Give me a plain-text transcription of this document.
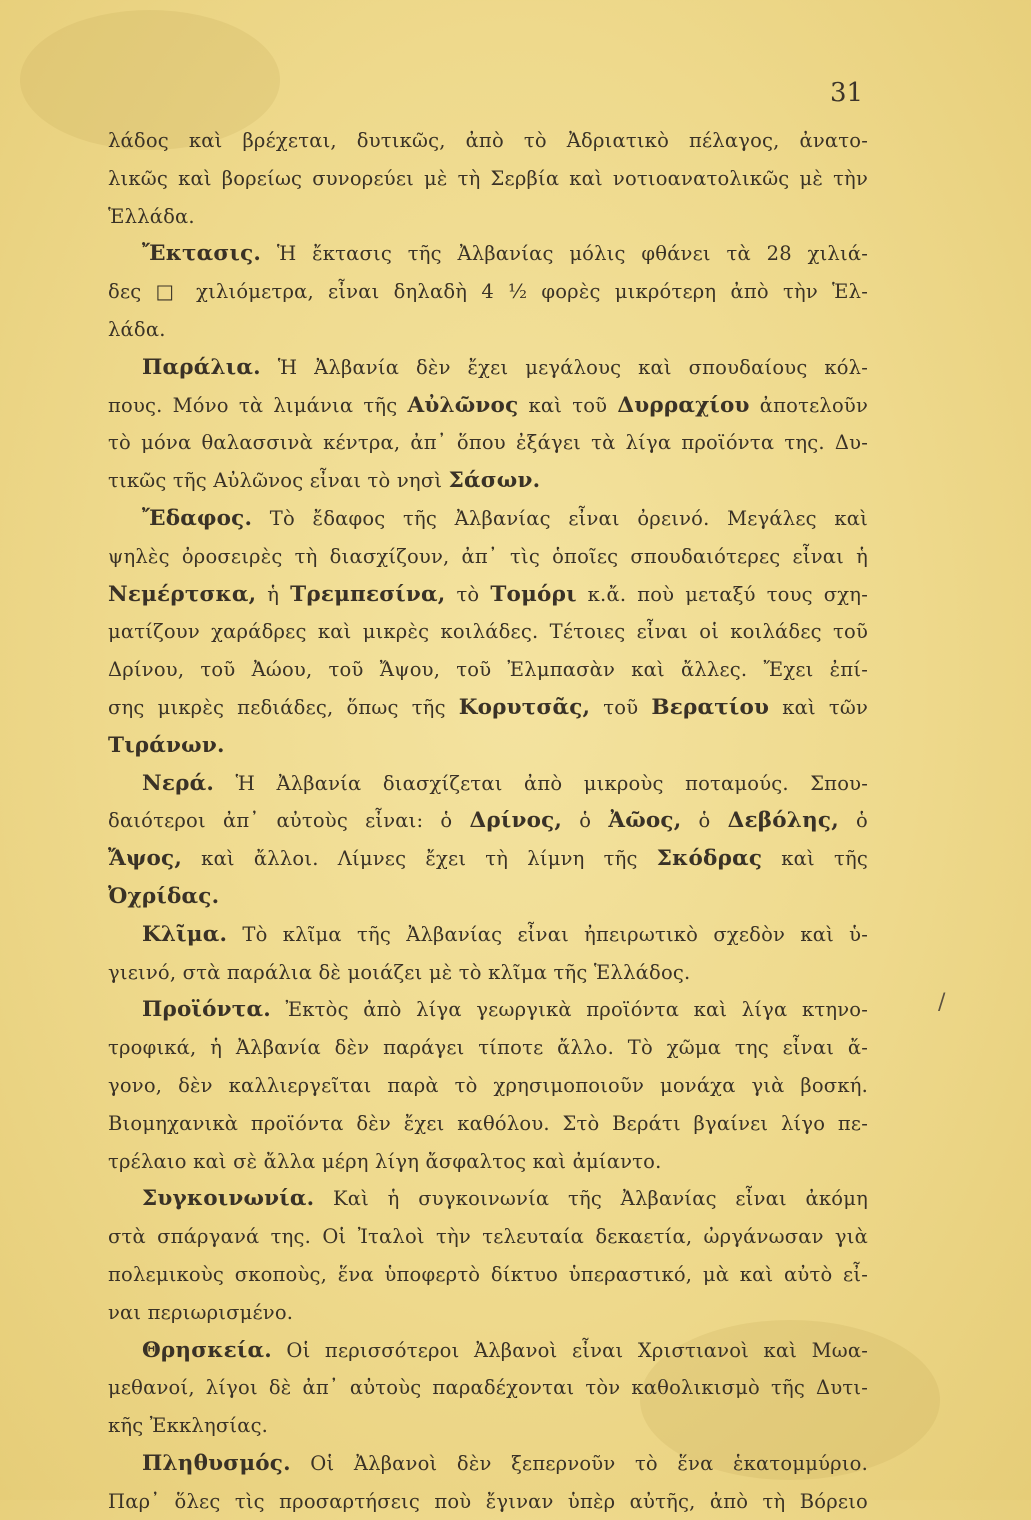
31
λάδος καὶ βρέχεται, δυτικῶς, ἀπὸ τὸ Ἀδριατικὸ πέλαγος, ἀνατο-
λικῶς καὶ βορείως συνορεύει μὲ τὴ Σερβία καὶ νοτιοανατολικῶς μὲ τὴν
Ἑλλάδα.
Ἔκτασις. Ἡ ἔκτασις τῆς Ἀλβανίας μόλις φθάνει τὰ 28 χιλιά-
δες □ χιλιόμετρα, εἶναι δηλαδὴ 4 ½ φορὲς μικρότερη ἀπὸ τὴν Ἑλ-
λάδα.
Παράλια. Ἡ Ἀλβανία δὲν ἔχει μεγάλους καὶ σπουδαίους κόλ-
πους. Μόνο τὰ λιμάνια τῆς Αὐλῶνος καὶ τοῦ Δυρραχίου ἀποτελοῦν
τὸ μόνα θαλασσινὰ κέντρα, ἀπ᾿ ὅπου ἐξάγει τὰ λίγα προϊόντα της. Δυ-
τικῶς τῆς Αὐλῶνος εἶναι τὸ νησὶ Σάσων.
Ἔδαφος. Τὸ ἔδαφος τῆς Ἀλβανίας εἶναι ὀρεινό. Μεγάλες καὶ
ψηλὲς ὀροσειρὲς τὴ διασχίζουν, ἀπ᾿ τὶς ὁποῖες σπουδαιότερες εἶναι ἡ
Νεμέρτσκα, ἡ Τρεμπεσίνα, τὸ Τομόρι κ.ἄ. ποὺ μεταξύ τους σχη-
ματίζουν χαράδρες καὶ μικρὲς κοιλάδες. Τέτοιες εἶναι οἱ κοιλάδες τοῦ
Δρίνου, τοῦ Ἀώου, τοῦ Ἄψου, τοῦ Ἐλμπασὰν καὶ ἄλλες. Ἔχει ἐπί-
σης μικρὲς πεδιάδες, ὅπως τῆς Κορυτσᾶς, τοῦ Βερατίου καὶ τῶν
Τιράνων.
Νερά. Ἡ Ἀλβανία διασχίζεται ἀπὸ μικροὺς ποταμούς. Σπου-
δαιότεροι ἀπ᾿ αὐτοὺς εἶναι: ὁ Δρίνος, ὁ Ἀῶος, ὁ Δεβόλης, ὁ
Ἄψος, καὶ ἄλλοι. Λίμνες ἔχει τὴ λίμνη τῆς Σκόδρας καὶ τῆς
Ὀχρίδας.
Κλῖμα. Τὸ κλῖμα τῆς Ἀλβανίας εἶναι ἠπειρωτικὸ σχεδὸν καὶ ὑ-
γιεινό, στὰ παράλια δὲ μοιάζει μὲ τὸ κλῖμα τῆς Ἑλλάδος.
Προϊόντα. Ἐκτὸς ἀπὸ λίγα γεωργικὰ προϊόντα καὶ λίγα κτηνο-
τροφικά, ἡ Ἀλβανία δὲν παράγει τίποτε ἄλλο. Τὸ χῶμα της εἶναι ἄ-
γονο, δὲν καλλιεργεῖται παρὰ τὸ χρησιμοποιοῦν μονάχα γιὰ βοσκή.
Βιομηχανικὰ προϊόντα δὲν ἔχει καθόλου. Στὸ Βεράτι βγαίνει λίγο πε-
τρέλαιο καὶ σὲ ἄλλα μέρη λίγη ἄσφαλτος καὶ ἀμίαντο.
Συγκοινωνία. Καὶ ἡ συγκοινωνία τῆς Ἀλβανίας εἶναι ἀκόμη
στὰ σπάργανά της. Οἱ Ἰταλοὶ τὴν τελευταία δεκαετία, ὠργάνωσαν γιὰ
πολεμικοὺς σκοποὺς, ἕνα ὑποφερτὸ δίκτυο ὑπεραστικό, μὰ καὶ αὐτὸ εἶ-
ναι περιωρισμένο.
Θρησκεία. Οἱ περισσότεροι Ἀλβανοὶ εἶναι Χριστιανοὶ καὶ Μωα-
μεθανοί, λίγοι δὲ ἀπ᾿ αὐτοὺς παραδέχονται τὸν καθολικισμὸ τῆς Δυτι-
κῆς Ἐκκλησίας.
Πληθυσμός. Οἱ Ἀλβανοὶ δὲν ξεπερνοῦν τὸ ἕνα ἑκατομμύριο.
Παρ᾿ ὅλες τὶς προσαρτήσεις ποὺ ἔγιναν ὑπὲρ αὐτῆς, ἀπὸ τὴ Βόρειο
/
